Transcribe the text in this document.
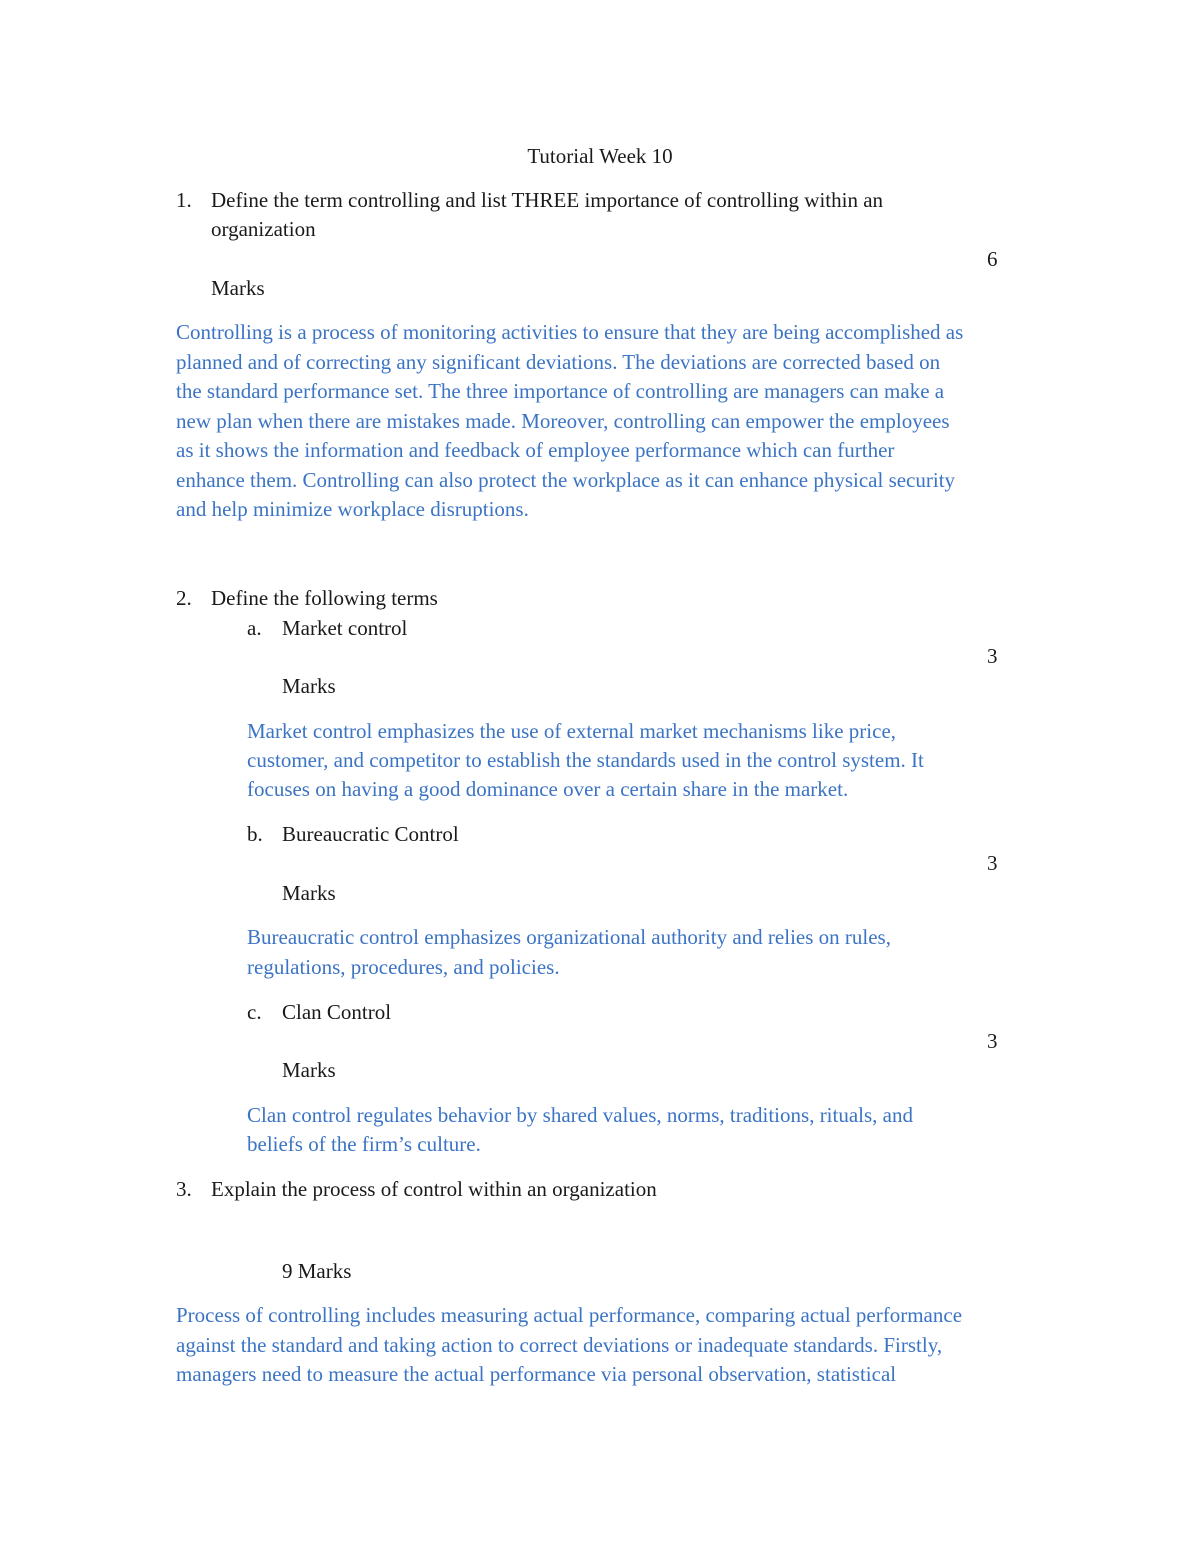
Tutorial Week 10

1. Define the term controlling and list THREE importance of controlling within an

organization

6

Marks

Controlling is a process of monitoring activities to ensure that they are being accomplished as

planned and of correcting any significant deviations. The deviations are corrected based on

the standard performance set. The three importance of controlling are managers can make a

new plan when there are mistakes made. Moreover, controlling can empower the employees

as it shows the information and feedback of employee performance which can further

enhance them. Controlling can also protect the workplace as it can enhance physical security

and help minimize workplace disruptions.

2. Define the following terms

a. Market control

3

Marks

Market control emphasizes the use of external market mechanisms like price,

customer, and competitor to establish the standards used in the control system. It

focuses on having a good dominance over a certain share in the market.

b. Bureaucratic Control

3

Marks

Bureaucratic control emphasizes organizational authority and relies on rules,

regulations, procedures, and policies.

c. Clan Control

3

Marks

Clan control regulates behavior by shared values, norms, traditions, rituals, and

beliefs of the firm’s culture.

3. Explain the process of control within an organization

9 Marks

Process of controlling includes measuring actual performance, comparing actual performance

against the standard and taking action to correct deviations or inadequate standards. Firstly,

managers need to measure the actual performance via personal observation, statistical
